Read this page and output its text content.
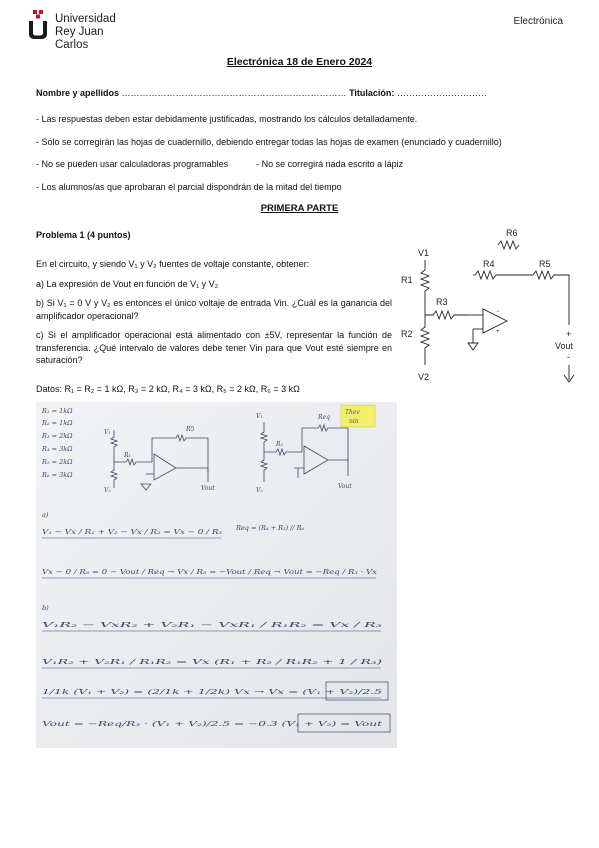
Universidad
Rey Juan Carlos
Electrónica
Electrónica 18 de Enero 2024
Nombre y apellidos ………………………………………………………………… Titulación: …………………………
- Las respuestas deben estar debidamente justificadas, mostrando los cálculos detalladamente.
- Sólo se corregirán las hojas de cuadernillo, debiendo entregar todas las hojas de examen (enunciado y cuadernillo)
- No se pueden usar calculadoras programables	- No se corregirá nada escrito a lápiz
- Los alumnos/as que aprobaran el parcial dispondrán de la mitad del tiempo
PRIMERA PARTE
Problema 1 (4 puntos)

En el circuito, y siendo V₁ y V₂ fuentes de voltaje constante, obtener:

a) La expresión de Vout en función de V₁ y V₂

b) Si V₁ = 0 V y V₂ es entonces el único voltaje de entrada Vin. ¿Cuál es la ganancia del amplificador operacional?

c) Si el amplificador operacional está alimentado con ±5V, representar la función de transferencia. ¿Qué intervalo de valores debe tener Vin para que Vout esté siempre en saturación?

Datos: R₁ = R₂ = 1 kΩ, R₃ = 2 kΩ, R₄ = 3 kΩ, R₅ = 2 kΩ, R₆ = 3 kΩ
R6
V1
R4	R5
R1
R3
R2	+
Vout
-
V2
−
+
R₁ = 1kΩ
R₂ = 1kΩ
R₃ = 2kΩ
R₄ = 3kΩ
R₅ = 2kΩ
R₆ = 3kΩ
Thev
nin
V₁
V₂
R5
R₁
Vout
V₁	Req
R₃
V₂
Vout
a)
Req = (R₄ + R₅) // R₆
V₁ − Vx / R₁ + V₂ − Vx / R₂ = Vx − 0 / R₃
Vx − 0 / R₃ = 0 − Vout / Req → Vx / R₃ = −Vout / Req → Vout = −Req / R₃ · Vx
b)
V₁R₂ − VxR₂ + V₂R₁ − VxR₁ / R₁R₂ = Vx / R₃
V₁R₂ + V₂R₁ / R₁R₂ = Vx (R₁ + R₂ / R₁R₂ + 1 / R₃)
1/1k (V₁ + V₂) = (2/1k + 1/2k) Vx → Vx = (V₁ + V₂)/2.5
Vout = −Req/R₃ · (V₁ + V₂)/2.5 = −0.3 (V₁ + V₂) = Vout
